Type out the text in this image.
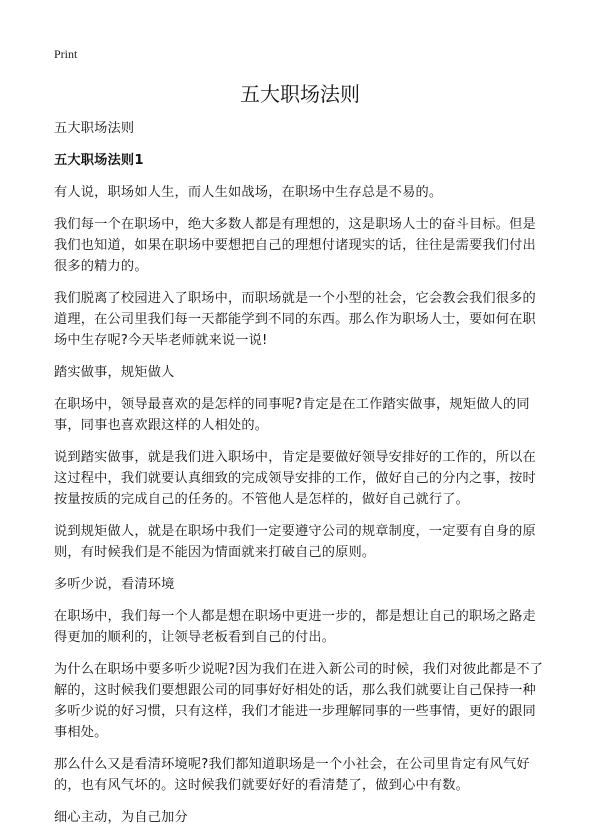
Print
五大职场法则

五大职场法则

五大职场法则1

有人说，职场如人生，而人生如战场，在职场中生存总是不易的。

我们每一个在职场中，绝大多数人都是有理想的，这是职场人士的奋斗目标。但是我们也知道，如果在职场中要想把自己的理想付诸现实的话，往往是需要我们付出很多的精力的。

我们脱离了校园进入了职场中，而职场就是一个小型的社会，它会教会我们很多的道理，在公司里我们每一天都能学到不同的东西。那么作为职场人士，要如何在职场中生存呢?今天毕老师就来说一说!

踏实做事，规矩做人

在职场中，领导最喜欢的是怎样的同事呢?肯定是在工作踏实做事，规矩做人的同事，同事也喜欢跟这样的人相处的。

说到踏实做事，就是我们进入职场中，肯定是要做好领导安排好的工作的，所以在这过程中，我们就要认真细致的完成领导安排的工作，做好自己的分内之事，按时按量按质的完成自己的任务的。不管他人是怎样的，做好自己就行了。

说到规矩做人，就是在职场中我们一定要遵守公司的规章制度，一定要有自身的原则，有时候我们是不能因为情面就来打破自己的原则。

多听少说，看清环境

在职场中，我们每一个人都是想在职场中更进一步的，都是想让自己的职场之路走得更加的顺利的，让领导老板看到自己的付出。

为什么在职场中要多听少说呢?因为我们在进入新公司的时候，我们对彼此都是不了解的，这时候我们要想跟公司的同事好好相处的话，那么我们就要让自己保持一种多听少说的好习惯，只有这样，我们才能进一步理解同事的一些事情，更好的跟同事相处。

那么什么又是看清环境呢?我们都知道职场是一个小社会，在公司里肯定有风气好的，也有风气坏的。这时候我们就要好好的看清楚了，做到心中有数。

细心主动，为自己加分
